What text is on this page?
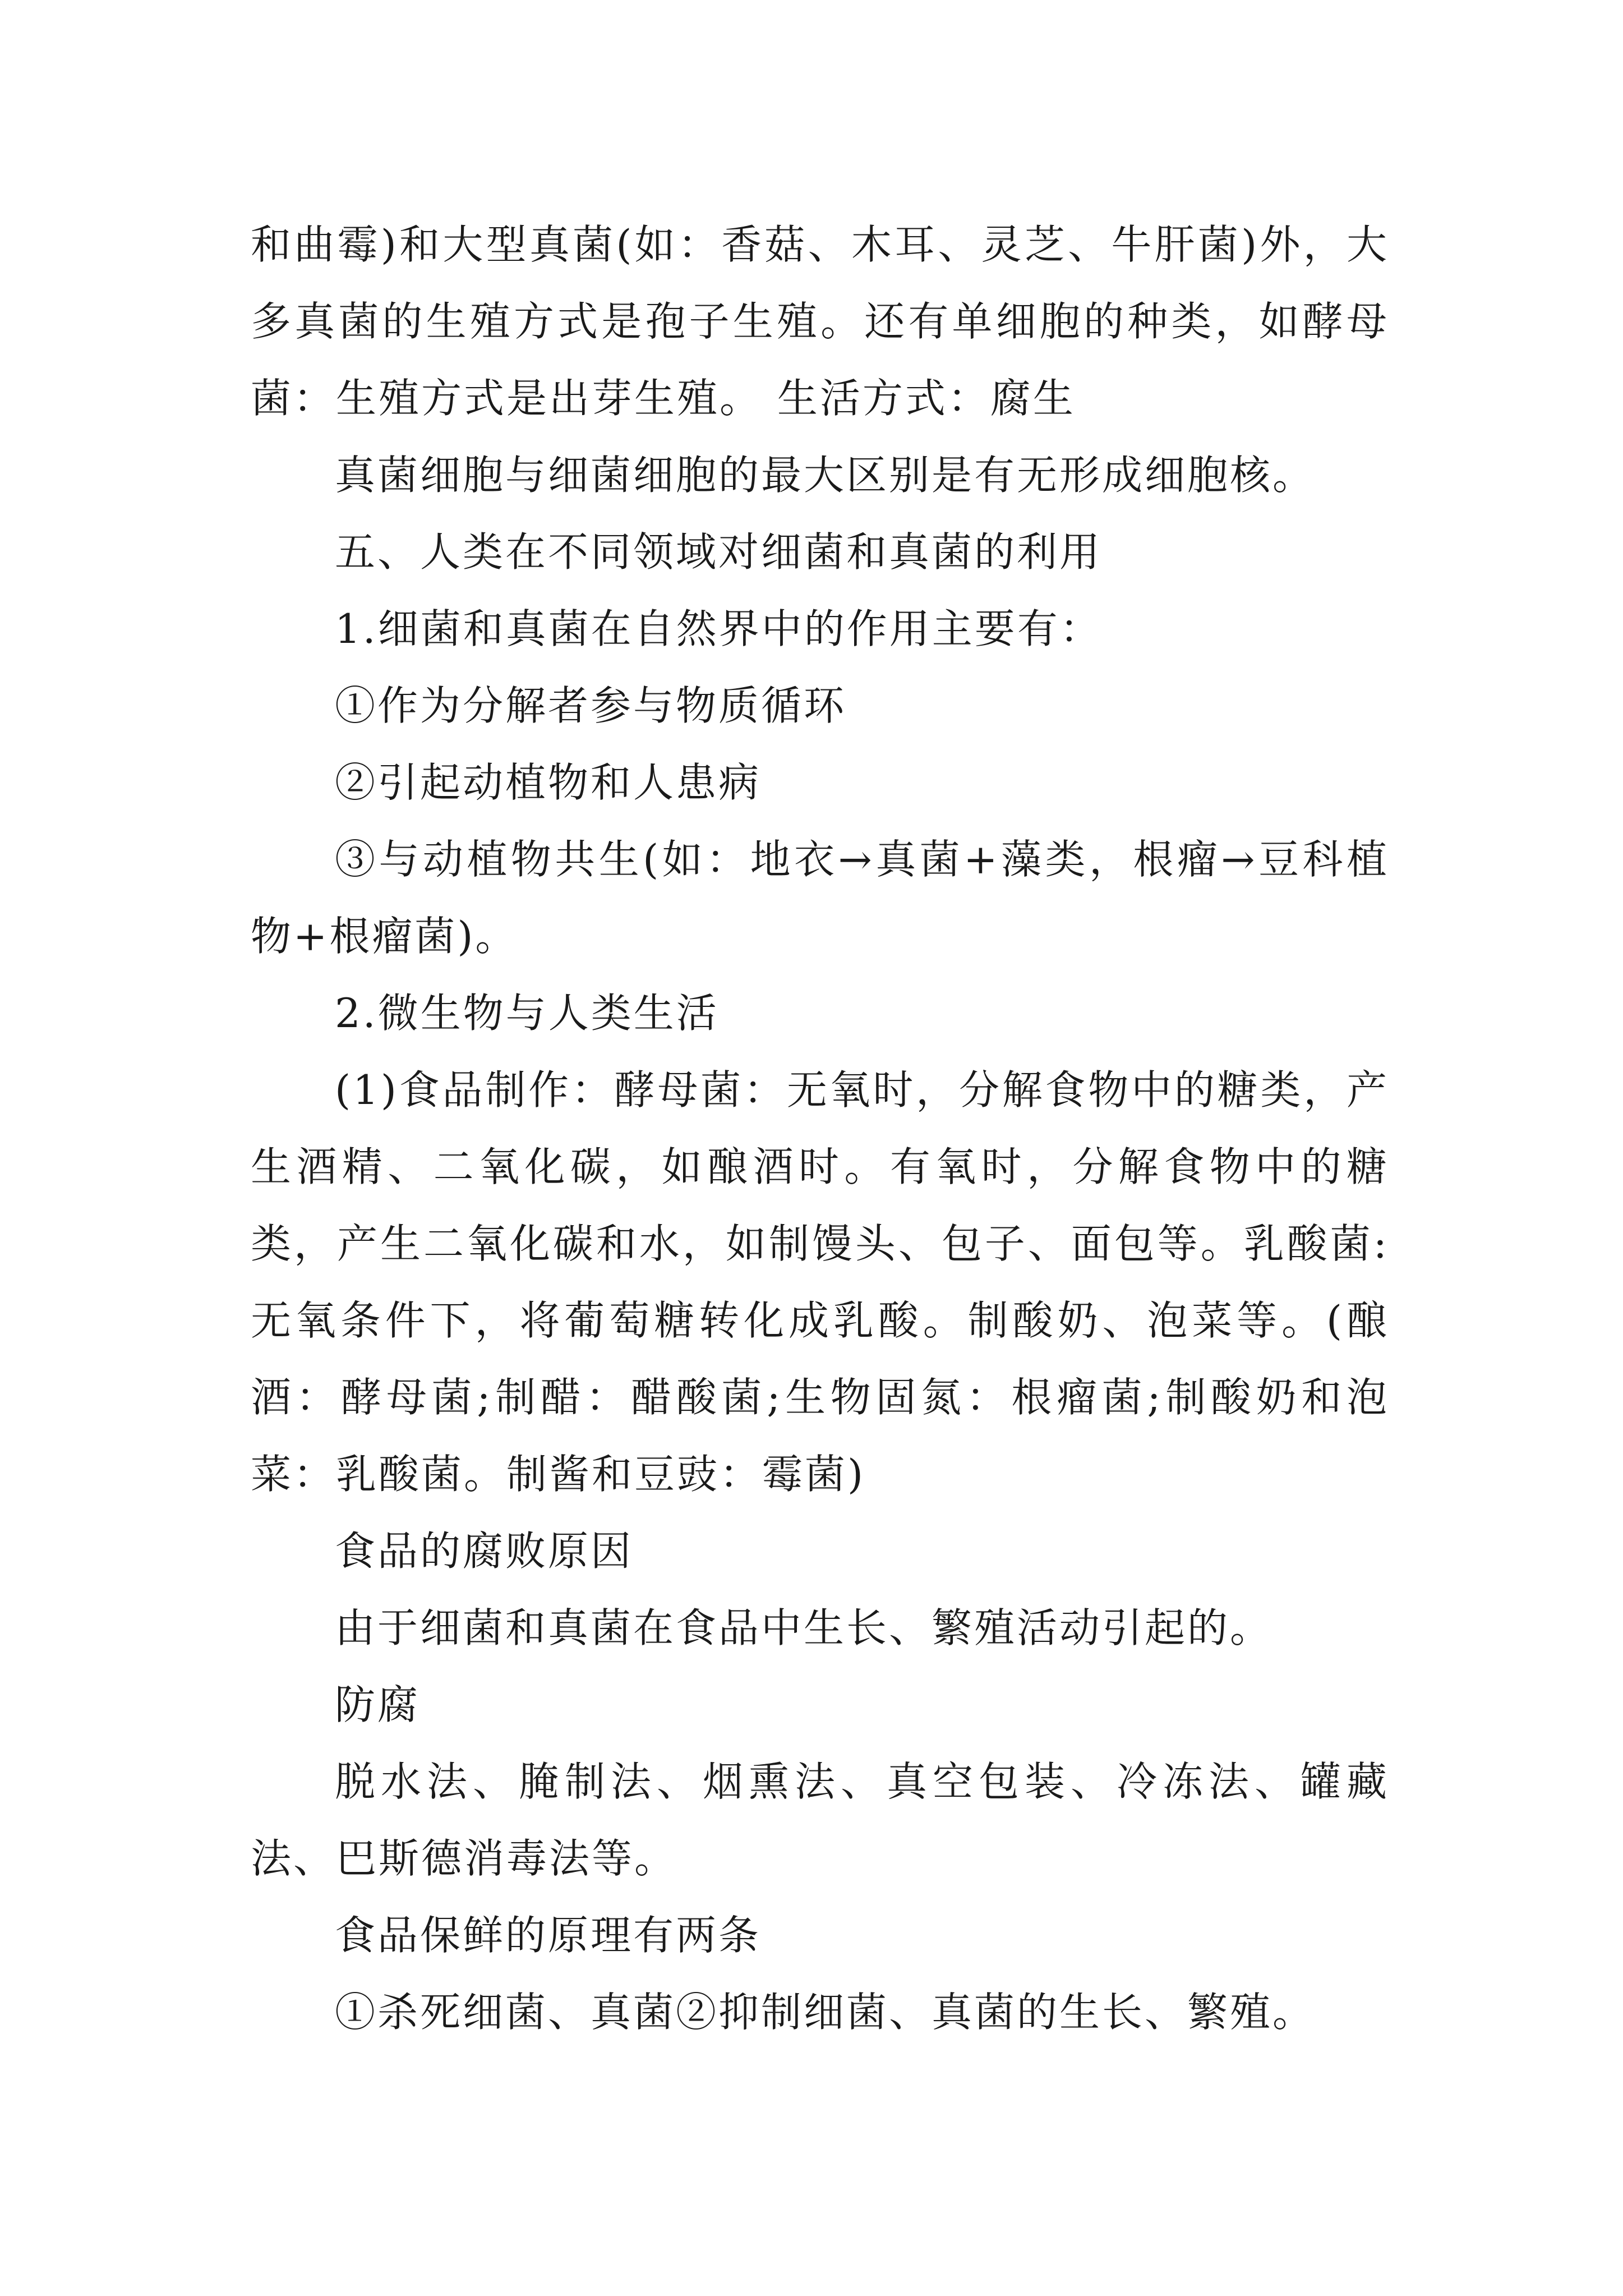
和曲霉)和大型真菌(如：香菇、木耳、灵芝、牛肝菌)外，大多真菌的生殖方式是孢子生殖。还有单细胞的种类，如酵母菌：生殖方式是出芽生殖。 生活方式：腐生

真菌细胞与细菌细胞的最大区别是有无形成细胞核。

五、人类在不同领域对细菌和真菌的利用

1.细菌和真菌在自然界中的作用主要有：

①作为分解者参与物质循环

②引起动植物和人患病

③与动植物共生(如：地衣→真菌+藻类，根瘤→豆科植物+根瘤菌)。

2.微生物与人类生活

(1)食品制作：酵母菌：无氧时，分解食物中的糖类，产生酒精、二氧化碳，如酿酒时。有氧时，分解食物中的糖类，产生二氧化碳和水，如制馒头、包子、面包等。乳酸菌:无氧条件下，将葡萄糖转化成乳酸。制酸奶、泡菜等。(酿酒：酵母菌;制醋：醋酸菌;生物固氮：根瘤菌;制酸奶和泡菜：乳酸菌。制酱和豆豉：霉菌)

食品的腐败原因

由于细菌和真菌在食品中生长、繁殖活动引起的。

防腐

脱水法、腌制法、烟熏法、真空包装、冷冻法、罐藏法、巴斯德消毒法等。

食品保鲜的原理有两条

①杀死细菌、真菌②抑制细菌、真菌的生长、繁殖。
